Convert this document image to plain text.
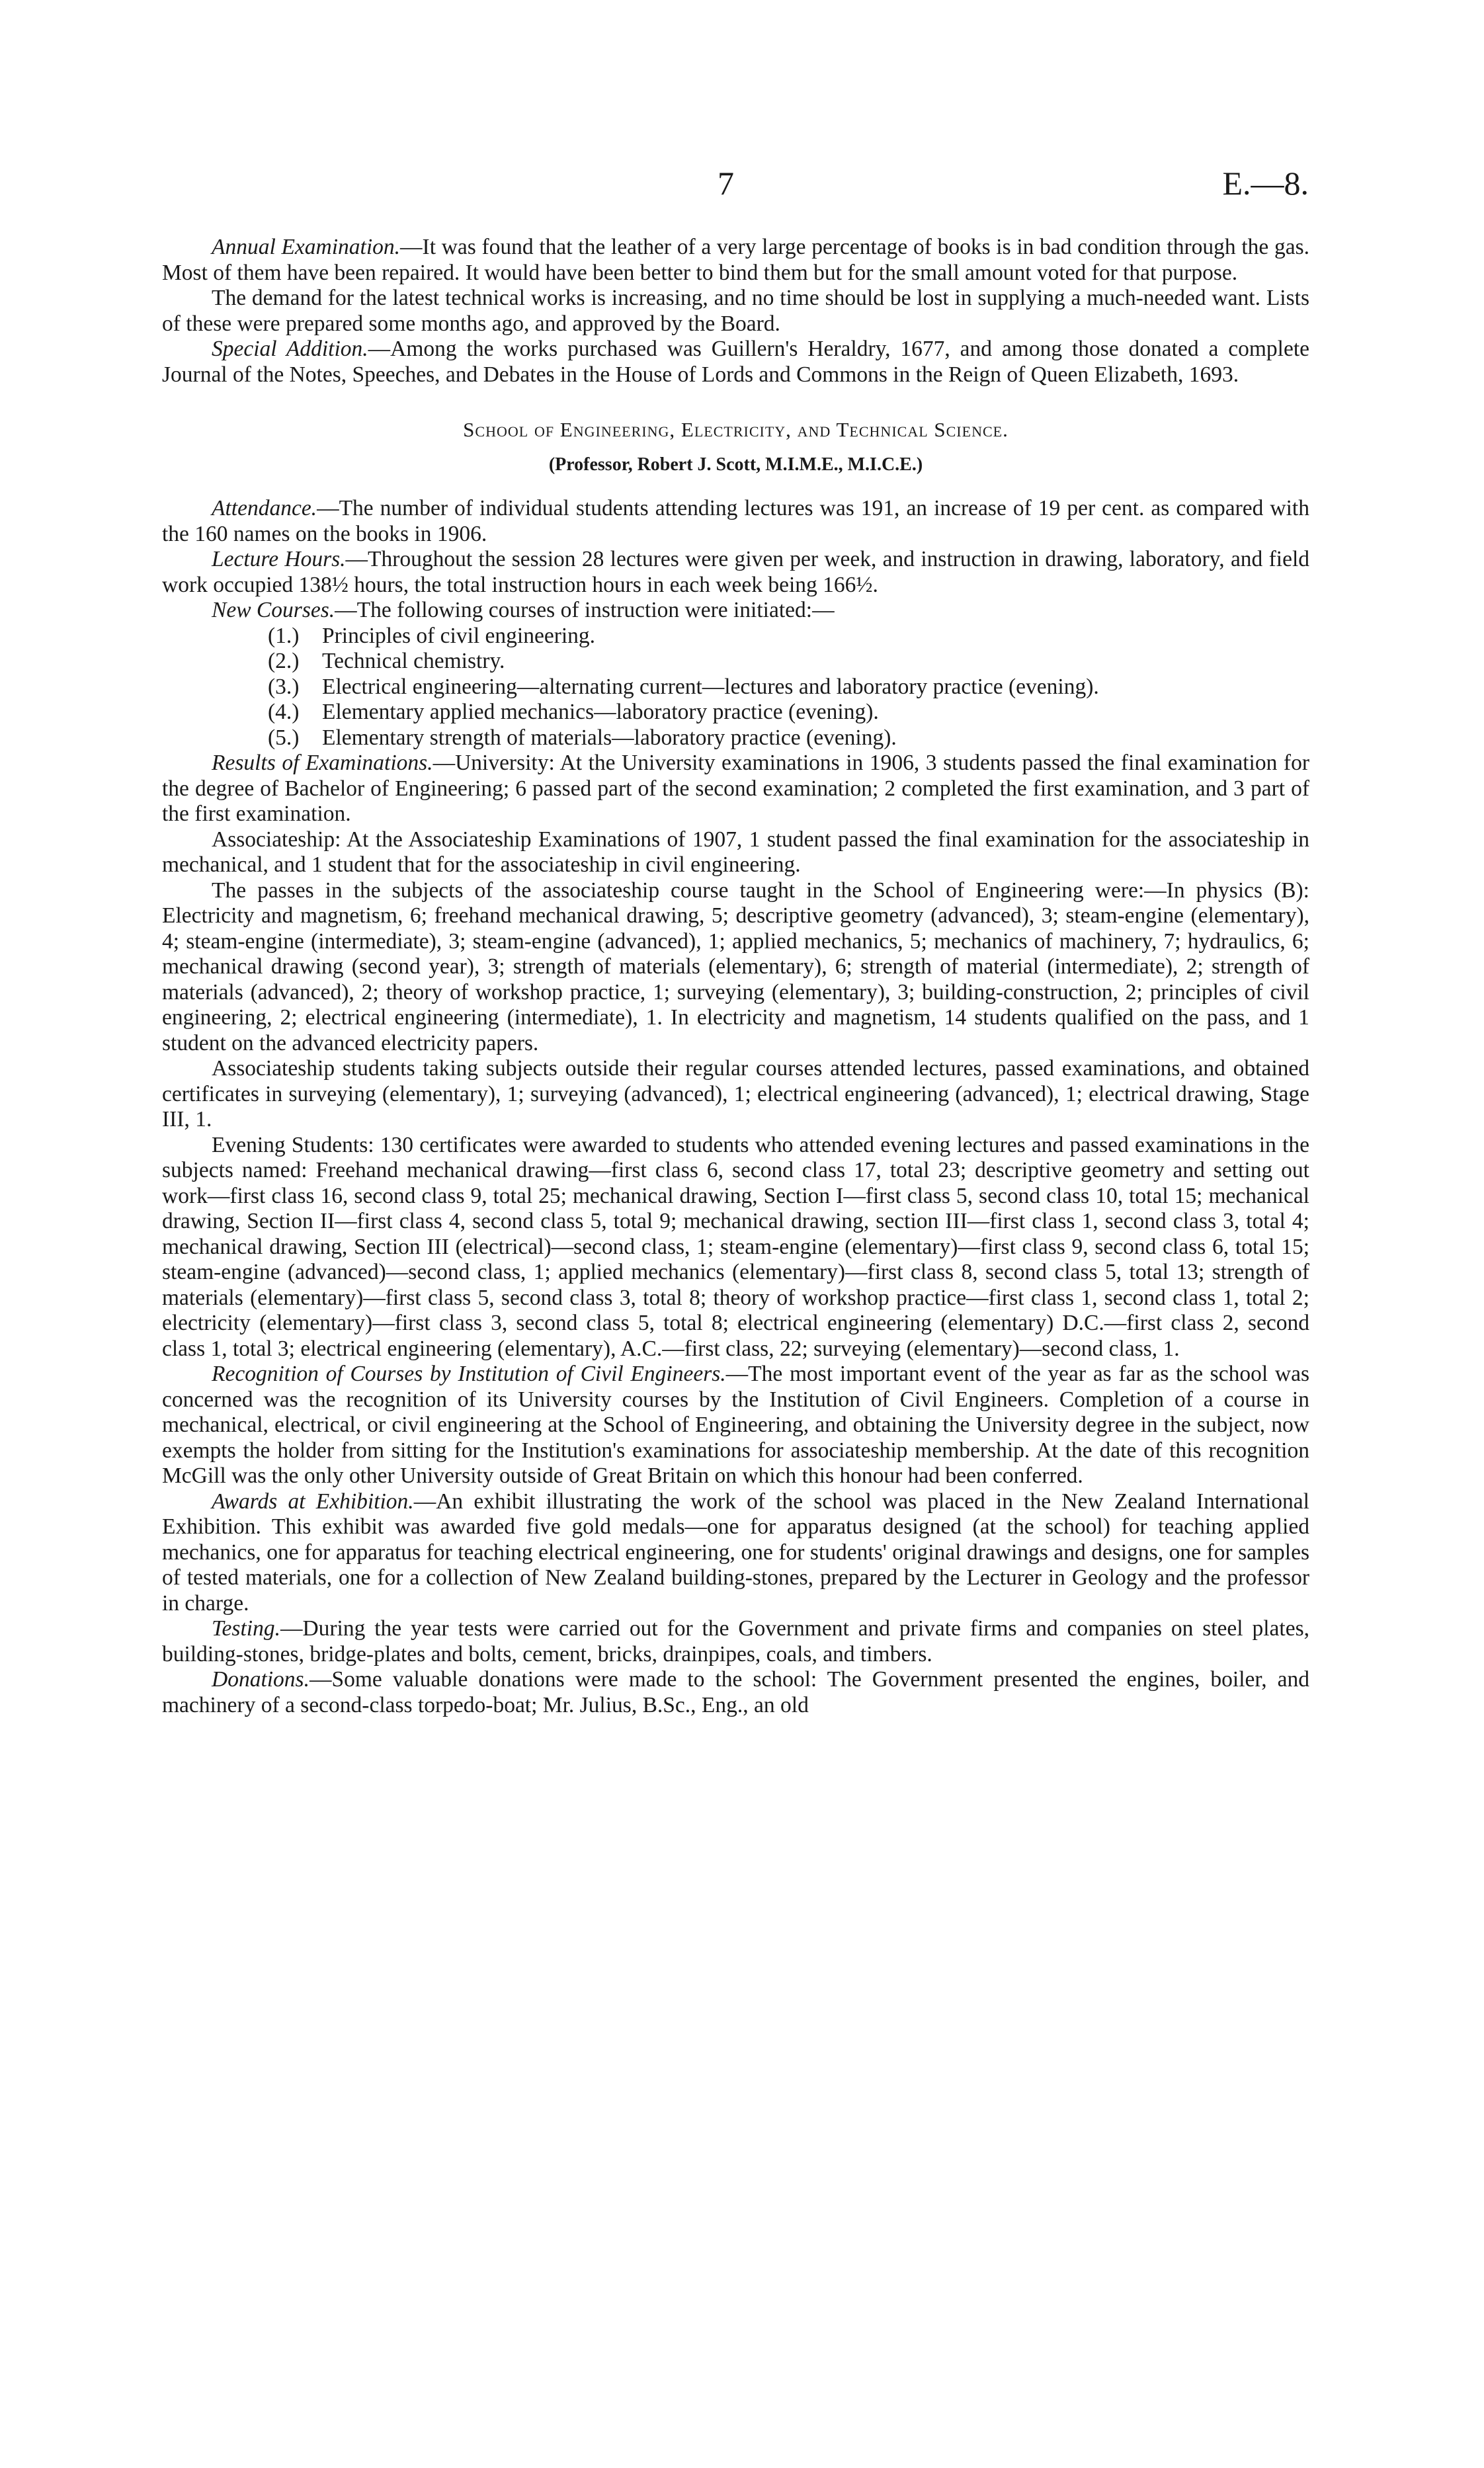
7	E.—8.

Annual Examination.—It was found that the leather of a very large percentage of books is in bad condition through the gas. Most of them have been repaired. It would have been better to bind them but for the small amount voted for that purpose.

The demand for the latest technical works is increasing, and no time should be lost in supplying a much-needed want. Lists of these were prepared some months ago, and approved by the Board.

Special Addition.—Among the works purchased was Guillern's Heraldry, 1677, and among those donated a complete Journal of the Notes, Speeches, and Debates in the House of Lords and Commons in the Reign of Queen Elizabeth, 1693.

School of Engineering, Electricity, and Technical Science.
(Professor, Robert J. Scott, M.I.M.E., M.I.C.E.)

Attendance.—The number of individual students attending lectures was 191, an increase of 19 per cent. as compared with the 160 names on the books in 1906.

Lecture Hours.—Throughout the session 28 lectures were given per week, and instruction in drawing, laboratory, and field work occupied 138½ hours, the total instruction hours in each week being 166½.

New Courses.—The following courses of instruction were initiated:—

(1.)	Principles of civil engineering.
(2.)	Technical chemistry.
(3.)	Electrical engineering—alternating current—lectures and laboratory practice (evening).
(4.)	Elementary applied mechanics—laboratory practice (evening).
(5.)	Elementary strength of materials—laboratory practice (evening).

Results of Examinations.—University: At the University examinations in 1906, 3 students passed the final examination for the degree of Bachelor of Engineering; 6 passed part of the second examination; 2 completed the first examination, and 3 part of the first examination.

Associateship: At the Associateship Examinations of 1907, 1 student passed the final examination for the associateship in mechanical, and 1 student that for the associateship in civil engineering.

The passes in the subjects of the associateship course taught in the School of Engineering were:—In physics (B): Electricity and magnetism, 6; freehand mechanical drawing, 5; descriptive geometry (advanced), 3; steam-engine (elementary), 4; steam-engine (intermediate), 3; steam-engine (advanced), 1; applied mechanics, 5; mechanics of machinery, 7; hydraulics, 6; mechanical drawing (second year), 3; strength of materials (elementary), 6; strength of material (intermediate), 2; strength of materials (advanced), 2; theory of workshop practice, 1; surveying (elementary), 3; building-construction, 2; principles of civil engineering, 2; electrical engineering (intermediate), 1. In electricity and magnetism, 14 students qualified on the pass, and 1 student on the advanced electricity papers.

Associateship students taking subjects outside their regular courses attended lectures, passed examinations, and obtained certificates in surveying (elementary), 1; surveying (advanced), 1; electrical engineering (advanced), 1; electrical drawing, Stage III, 1.

Evening Students: 130 certificates were awarded to students who attended evening lectures and passed examinations in the subjects named: Freehand mechanical drawing—first class 6, second class 17, total 23; descriptive geometry and setting out work—first class 16, second class 9, total 25; mechanical drawing, Section I—first class 5, second class 10, total 15; mechanical drawing, Section II—first class 4, second class 5, total 9; mechanical drawing, section III—first class 1, second class 3, total 4; mechanical drawing, Section III (electrical)—second class, 1; steam-engine (elementary)—first class 9, second class 6, total 15; steam-engine (advanced)—second class, 1; applied mechanics (elementary)—first class 8, second class 5, total 13; strength of materials (elementary)—first class 5, second class 3, total 8; theory of workshop practice—first class 1, second class 1, total 2; electricity (elementary)—first class 3, second class 5, total 8; electrical engineering (elementary) D.C.—first class 2, second class 1, total 3; electrical engineering (elementary), A.C.—first class, 22; surveying (elementary)—second class, 1.

Recognition of Courses by Institution of Civil Engineers.—The most important event of the year as far as the school was concerned was the recognition of its University courses by the Institution of Civil Engineers. Completion of a course in mechanical, electrical, or civil engineering at the School of Engineering, and obtaining the University degree in the subject, now exempts the holder from sitting for the Institution's examinations for associateship membership. At the date of this recognition McGill was the only other University outside of Great Britain on which this honour had been conferred.

Awards at Exhibition.—An exhibit illustrating the work of the school was placed in the New Zealand International Exhibition. This exhibit was awarded five gold medals—one for apparatus designed (at the school) for teaching applied mechanics, one for apparatus for teaching electrical engineering, one for students' original drawings and designs, one for samples of tested materials, one for a collection of New Zealand building-stones, prepared by the Lecturer in Geology and the professor in charge.

Testing.—During the year tests were carried out for the Government and private firms and companies on steel plates, building-stones, bridge-plates and bolts, cement, bricks, drainpipes, coals, and timbers.

Donations.—Some valuable donations were made to the school: The Government presented the engines, boiler, and machinery of a second-class torpedo-boat; Mr. Julius, B.Sc., Eng., an old
